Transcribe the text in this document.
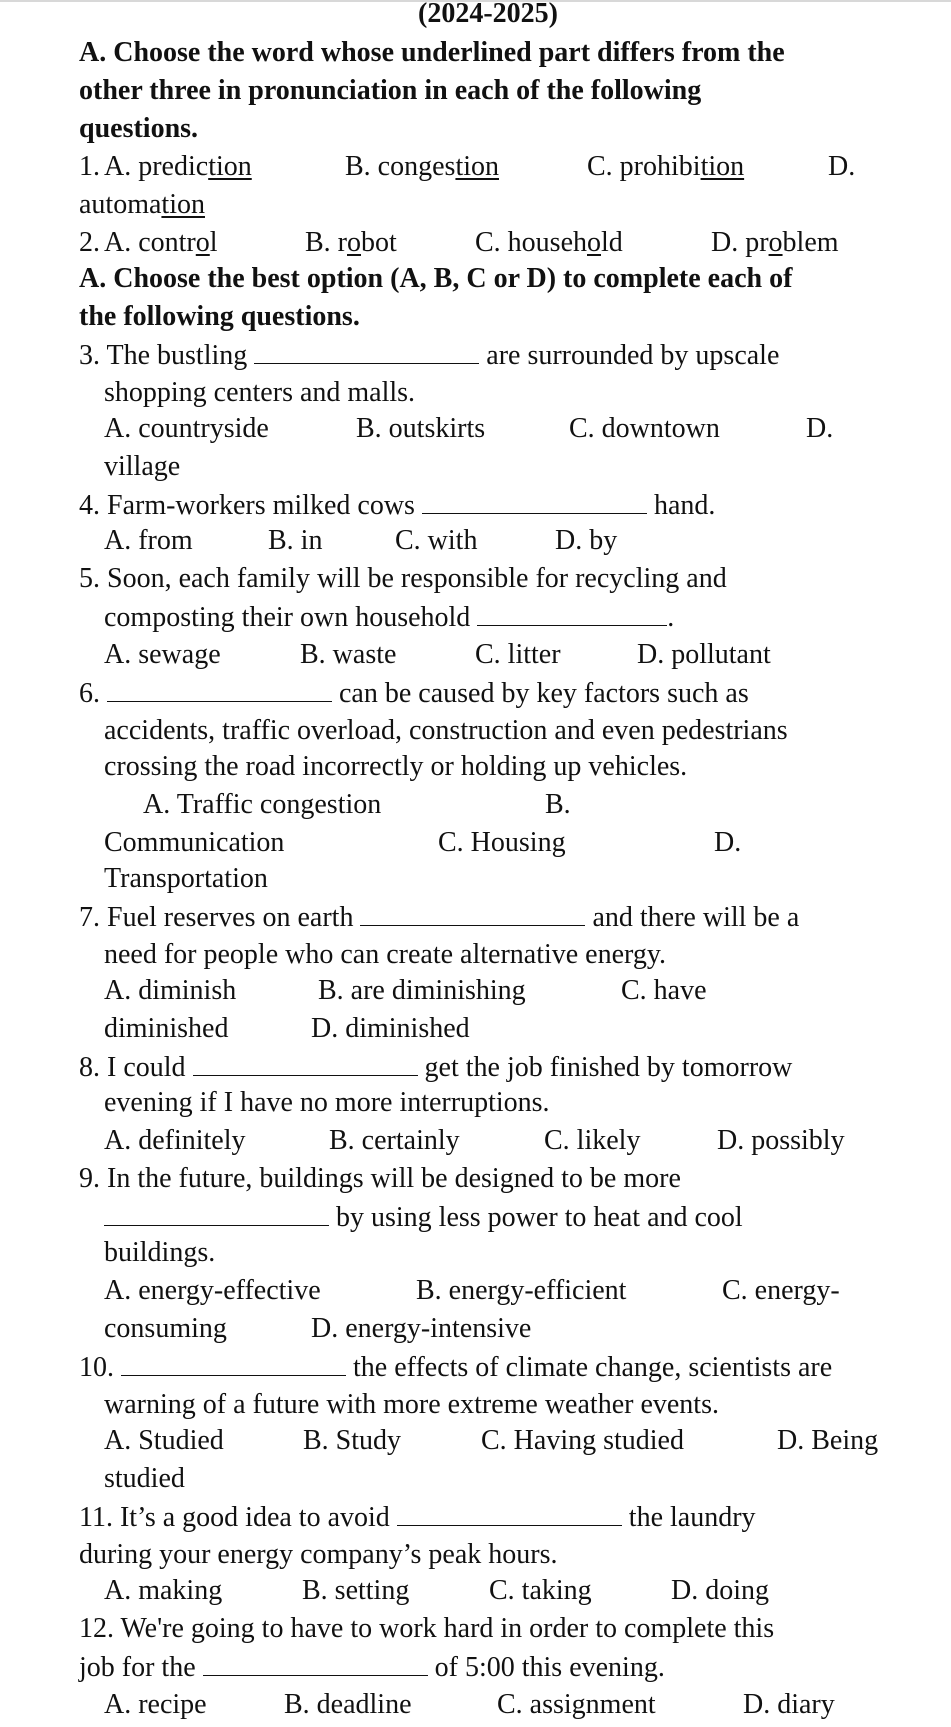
(2024-2025)
A. Choose the word whose underlined part differs from the
other three in pronunciation in each of the following
questions.
1. A. prediction	B. congestion	C. prohibition	D.
automation
2. A. control	B. robot	C. household	D. problem
A. Choose the best option (A, B, C or D) to complete each of
the following questions.
3. The bustling	are surrounded by upscale
shopping centers and malls.
A. countryside	B. outskirts	C. downtown	D.
village
4. Farm-workers milked cows	hand.
A. from	B. in	C. with	D. by
5. Soon, each family will be responsible for recycling and
composting their own household	.
A. sewage	B. waste	C. litter	D. pollutant
6.	can be caused by key factors such as
accidents, traffic overload, construction and even pedestrians
crossing the road incorrectly or holding up vehicles.
A. Traffic congestion	B.
Communication	C. Housing	D.
Transportation
7. Fuel reserves on earth	and there will be a
need for people who can create alternative energy.
A. diminish	B. are diminishing	C. have
diminished	D. diminished
8. I could	get the job finished by tomorrow
evening if I have no more interruptions.
A. definitely	B. certainly	C. likely	D. possibly
9. In the future, buildings will be designed to be more
by using less power to heat and cool
buildings.
A. energy-effective	B. energy-efficient	C. energy-
consuming	D. energy-intensive
10.	the effects of climate change, scientists are
warning of a future with more extreme weather events.
A. Studied	B. Study	C. Having studied	D. Being
studied
11. It’s a good idea to avoid	the laundry
during your energy company’s peak hours.
A. making	B. setting	C. taking	D. doing
12. We're going to have to work hard in order to complete this
job for the	of 5:00 this evening.
A. recipe	B. deadline	C. assignment	D. diary
